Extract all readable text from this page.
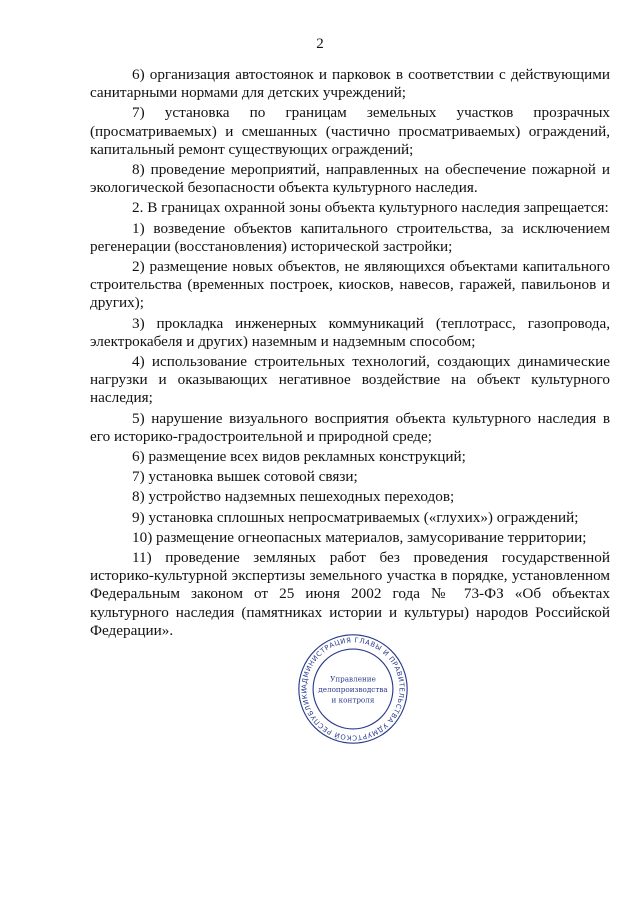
2

6) организация автостоянок и парковок в соответствии с действующими санитарными нормами для детских учреждений;

7) установка по границам земельных участков прозрачных (просматриваемых) и смешанных (частично просматриваемых) ограждений, капитальный ремонт существующих ограждений;

8) проведение мероприятий, направленных на обеспечение пожарной и экологической безопасности объекта культурного наследия.

2. В границах охранной зоны объекта культурного наследия запрещается:

1) возведение объектов капитального строительства, за исключением регенерации (восстановления) исторической застройки;

2) размещение новых объектов, не являющихся объектами капитального строительства (временных построек, киосков, навесов, гаражей, павильонов и других);

3) прокладка инженерных коммуникаций (теплотрасс, газопровода, электрокабеля и других) наземным и надземным способом;

4) использование строительных технологий, создающих динамические нагрузки и оказывающих негативное воздействие на объект культурного наследия;

5) нарушение визуального восприятия объекта культурного наследия в его историко-градостроительной и природной среде;

6) размещение всех видов рекламных конструкций;

7) установка вышек сотовой связи;

8) устройство надземных пешеходных переходов;

9) установка сплошных непросматриваемых («глухих») ограждений;

10) размещение огнеопасных материалов, замусоривание территории;

11) проведение земляных работ без проведения государственной историко-культурной экспертизы земельного участка в порядке, установленном Федеральным законом от 25 июня 2002 года № 73-ФЗ «Об объектах культурного наследия (памятниках истории и культуры) народов Российской Федерации».

АДМИНИСТРАЦИЯ ГЛАВЫ И ПРАВИТЕЛЬСТВА УДМУРТСКОЙ РЕСПУБЛИКИ
Управление
делопроизводства
и контроля
